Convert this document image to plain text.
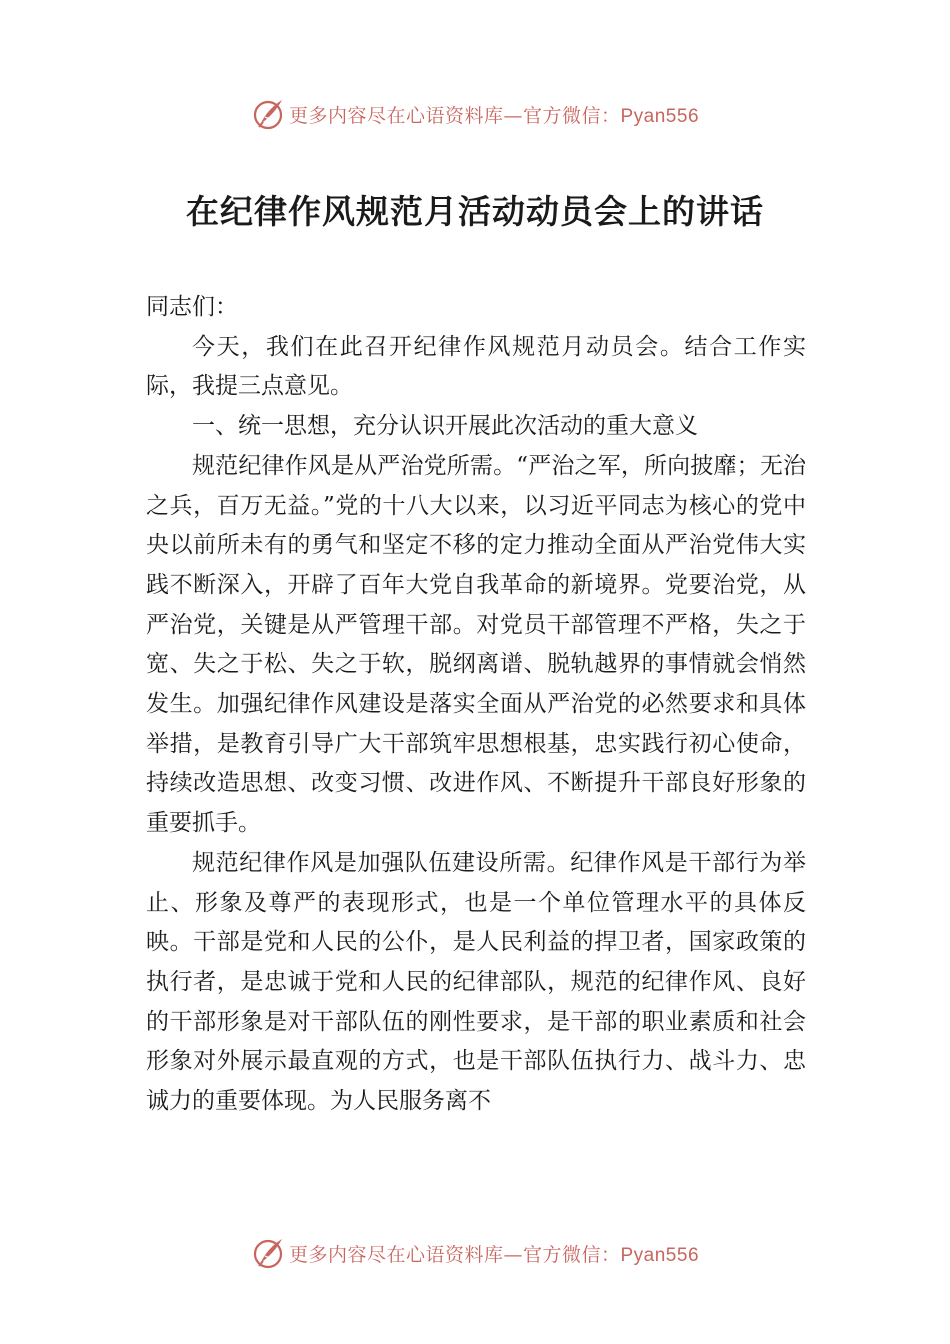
更多内容尽在心语资料库—官方微信：Pyan556
在纪律作风规范月活动动员会上的讲话

同志们：

今天，我们在此召开纪律作风规范月动员会。结合工作实际，我提三点意见。

一、统一思想，充分认识开展此次活动的重大意义

规范纪律作风是从严治党所需。“严治之军，所向披靡；无治之兵，百万无益。”党的十八大以来，以习近平同志为核心的党中央以前所未有的勇气和坚定不移的定力推动全面从严治党伟大实践不断深入，开辟了百年大党自我革命的新境界。党要治党，从严治党，关键是从严管理干部。对党员干部管理不严格，失之于宽、失之于松、失之于软，脱纲离谱、脱轨越界的事情就会悄然发生。加强纪律作风建设是落实全面从严治党的必然要求和具体举措，是教育引导广大干部筑牢思想根基，忠实践行初心使命，持续改造思想、改变习惯、改进作风、不断提升干部良好形象的重要抓手。

规范纪律作风是加强队伍建设所需。纪律作风是干部行为举止、形象及尊严的表现形式，也是一个单位管理水平的具体反映。干部是党和人民的公仆，是人民利益的捍卫者，国家政策的执行者，是忠诚于党和人民的纪律部队，规范的纪律作风、良好的干部形象是对干部队伍的刚性要求，是干部的职业素质和社会形象对外展示最直观的方式，也是干部队伍执行力、战斗力、忠诚力的重要体现。为人民服务离不

更多内容尽在心语资料库—官方微信：Pyan556
